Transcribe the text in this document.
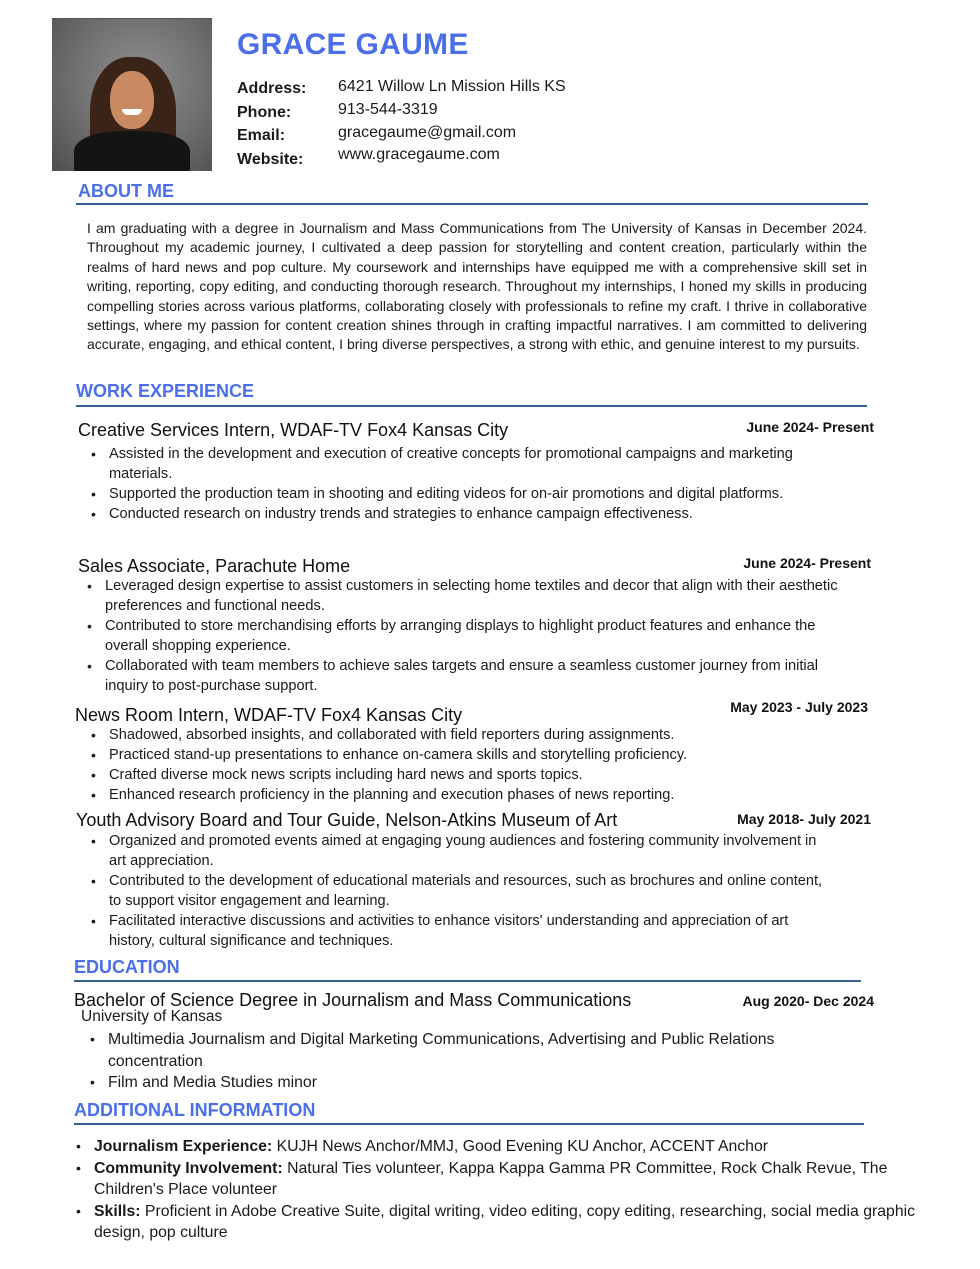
GRACE GAUME
Address: 6421 Willow Ln Mission Hills KS
Phone:	913-544-3319
Email:	gracegaume@gmail.com
Website: www.gracegaume.com
ABOUT ME
I am graduating with a degree in Journalism and Mass Communications from The University of Kansas in December 2024. Throughout my academic journey, I cultivated a deep passion for storytelling and content creation, particularly within the realms of hard news and pop culture. My coursework and internships have equipped me with a comprehensive skill set in writing, reporting, copy editing, and conducting thorough research. Throughout my internships, I honed my skills in producing compelling stories across various platforms, collaborating closely with professionals to refine my craft. I thrive in collaborative settings, where my passion for content creation shines through in crafting impactful narratives. I am committed to delivering accurate, engaging, and ethical content, I bring diverse perspectives, a strong with ethic, and genuine interest to my pursuits.
WORK EXPERIENCE
Creative Services Intern, WDAF-TV Fox4 Kansas City	June 2024- Present
• Assisted in the development and execution of creative concepts for promotional campaigns and marketing materials.
• Supported the production team in shooting and editing videos for on-air promotions and digital platforms.
• Conducted research on industry trends and strategies to enhance campaign effectiveness.
Sales Associate, Parachute Home	June 2024- Present
• Leveraged design expertise to assist customers in selecting home textiles and decor that align with their aesthetic preferences and functional needs.
• Contributed to store merchandising efforts by arranging displays to highlight product features and enhance the overall shopping experience.
• Collaborated with team members to achieve sales targets and ensure a seamless customer journey from initial inquiry to post-purchase support.
News Room Intern, WDAF-TV Fox4 Kansas City	May 2023 - July 2023
• Shadowed, absorbed insights, and collaborated with field reporters during assignments.
• Practiced stand-up presentations to enhance on-camera skills and storytelling proficiency.
• Crafted diverse mock news scripts including hard news and sports topics.
• Enhanced research proficiency in the planning and execution phases of news reporting.
Youth Advisory Board and Tour Guide, Nelson-Atkins Museum of Art	May 2018- July 2021
• Organized and promoted events aimed at engaging young audiences and fostering community involvement in art appreciation.
• Contributed to the development of educational materials and resources, such as brochures and online content, to support visitor engagement and learning.
• Facilitated interactive discussions and activities to enhance visitors' understanding and appreciation of art history, cultural significance and techniques.
EDUCATION
Bachelor of Science Degree in Journalism and Mass Communications	Aug 2020- Dec 2024
University of Kansas
• Multimedia Journalism and Digital Marketing Communications, Advertising and Public Relations concentration
• Film and Media Studies minor
ADDITIONAL INFORMATION
• Journalism Experience: KUJH News Anchor/MMJ, Good Evening KU Anchor, ACCENT Anchor
• Community Involvement: Natural Ties volunteer, Kappa Kappa Gamma PR Committee, Rock Chalk Revue, The Children's Place volunteer
• Skills: Proficient in Adobe Creative Suite, digital writing, video editing, copy editing, researching, social media graphic design, pop culture
